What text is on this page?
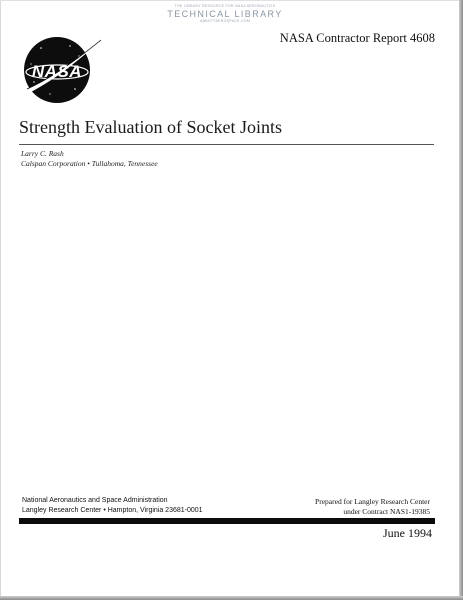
THE LIBRARY RESOURCE FOR NASA AERONAUTICS
TECHNICAL LIBRARY
ABBOTTAEROSPACE.COM
NASA Contractor Report 4608
NASA
Strength Evaluation of Socket Joints
Larry C. Rash
Calspan Corporation • Tullahoma, Tennessee
National Aeronautics and Space Administration
Langley Research Center • Hampton, Virginia 23681-0001
Prepared for Langley Research Center
under Contract NAS1-19385
June 1994
